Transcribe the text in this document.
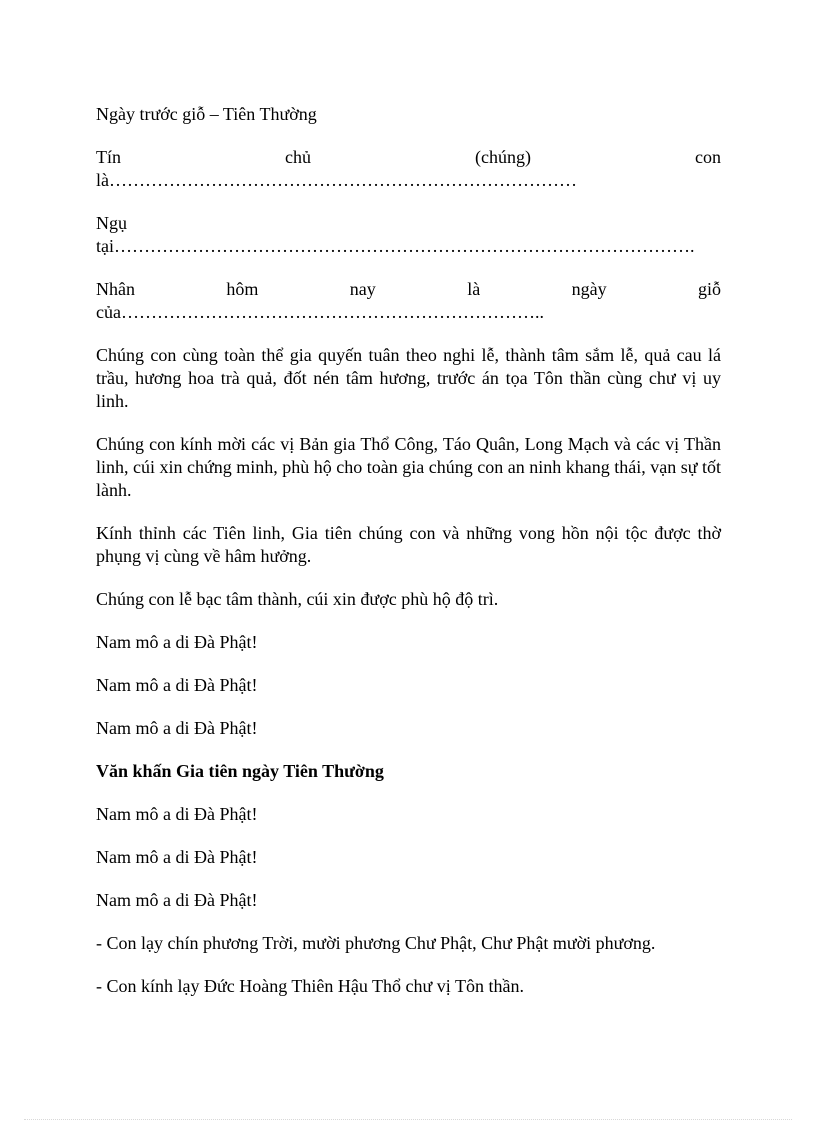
Ngày trước giỗ – Tiên Thường

Tín	chủ	(chúng)	con
là……………………………………………………………………
Ngụ
tại…………………………………………………………………………………….
Nhân	hôm	nay	là	ngày	giỗ
của……………………………………………………………..

Chúng con cùng toàn thể gia quyến tuân theo nghi lễ, thành tâm sắm lễ, quả cau lá trầu, hương hoa trà quả, đốt nén tâm hương, trước án tọa Tôn thần cùng chư vị uy linh.

Chúng con kính mời các vị Bản gia Thổ Công, Táo Quân, Long Mạch và các vị Thần linh, cúi xin chứng minh, phù hộ cho toàn gia chúng con an ninh khang thái, vạn sự tốt lành.

Kính thỉnh các Tiên linh, Gia tiên chúng con và những vong hồn nội tộc được thờ phụng vị cùng về hâm hưởng.

Chúng con lễ bạc tâm thành, cúi xin được phù hộ độ trì.

Nam mô a di Đà Phật!

Nam mô a di Đà Phật!

Nam mô a di Đà Phật!

Văn khấn Gia tiên ngày Tiên Thường

Nam mô a di Đà Phật!

Nam mô a di Đà Phật!

Nam mô a di Đà Phật!

- Con lạy chín phương Trời, mười phương Chư Phật, Chư Phật mười phương.

- Con kính lạy Đức Hoàng Thiên Hậu Thổ chư vị Tôn thần.
